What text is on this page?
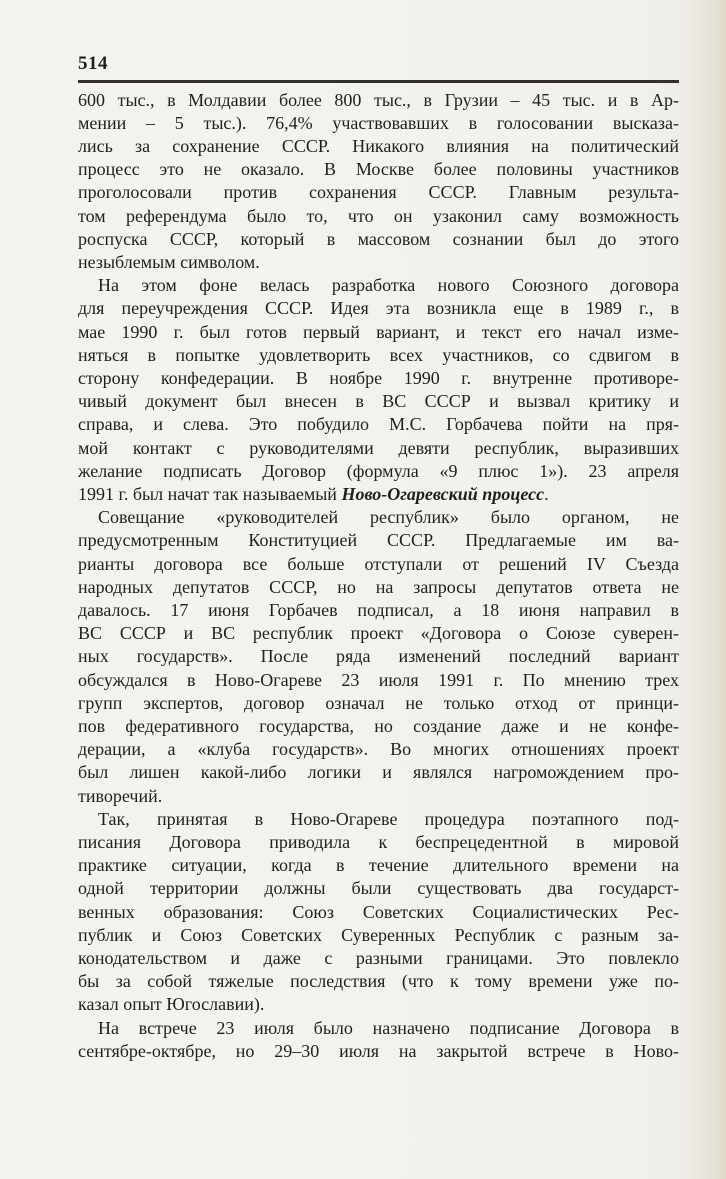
514

600 тыс., в Молдавии более 800 тыс., в Грузии – 45 тыс. и в Ар-
мении – 5 тыс.). 76,4% участвовавших в голосовании высказа-
лись за сохранение СССР. Никакого влияния на политический
процесс это не оказало. В Москве более половины участников
проголосовали против сохранения СССР. Главным результа-
том референдума было то, что он узаконил саму возможность
роспуска СССР, который в массовом сознании был до этого
незыблемым символом.

На этом фоне велась разработка нового Союзного договора
для переучреждения СССР. Идея эта возникла еще в 1989 г., в
мае 1990 г. был готов первый вариант, и текст его начал изме-
няться в попытке удовлетворить всех участников, со сдвигом в
сторону конфедерации. В ноябре 1990 г. внутренне противоре-
чивый документ был внесен в ВС СССР и вызвал критику и
справа, и слева. Это побудило М.С. Горбачева пойти на пря-
мой контакт с руководителями девяти республик, выразивших
желание подписать Договор (формула «9 плюс 1»). 23 апреля
1991 г. был начат так называемый Ново-Огаревский процесс.

Совещание «руководителей республик» было органом, не
предусмотренным Конституцией СССР. Предлагаемые им ва-
рианты договора все больше отступали от решений IV Съезда
народных депутатов СССР, но на запросы депутатов ответа не
давалось. 17 июня Горбачев подписал, а 18 июня направил в
ВС СССР и ВС республик проект «Договора о Союзе суверен-
ных государств». После ряда изменений последний вариант
обсуждался в Ново-Огареве 23 июля 1991 г. По мнению трех
групп экспертов, договор означал не только отход от принци-
пов федеративного государства, но создание даже и не конфе-
дерации, а «клуба государств». Во многих отношениях проект
был лишен какой-либо логики и являлся нагромождением про-
тиворечий.

Так, принятая в Ново-Огареве процедура поэтапного под-
писания Договора приводила к беспрецедентной в мировой
практике ситуации, когда в течение длительного времени на
одной территории должны были существовать два государст-
венных образования: Союз Советских Социалистических Рес-
публик и Союз Советских Суверенных Республик с разным за-
конодательством и даже с разными границами. Это повлекло
бы за собой тяжелые последствия (что к тому времени уже по-
казал опыт Югославии).

На встрече 23 июля было назначено подписание Договора в
сентябре-октябре, но 29–30 июля на закрытой встрече в Ново-
